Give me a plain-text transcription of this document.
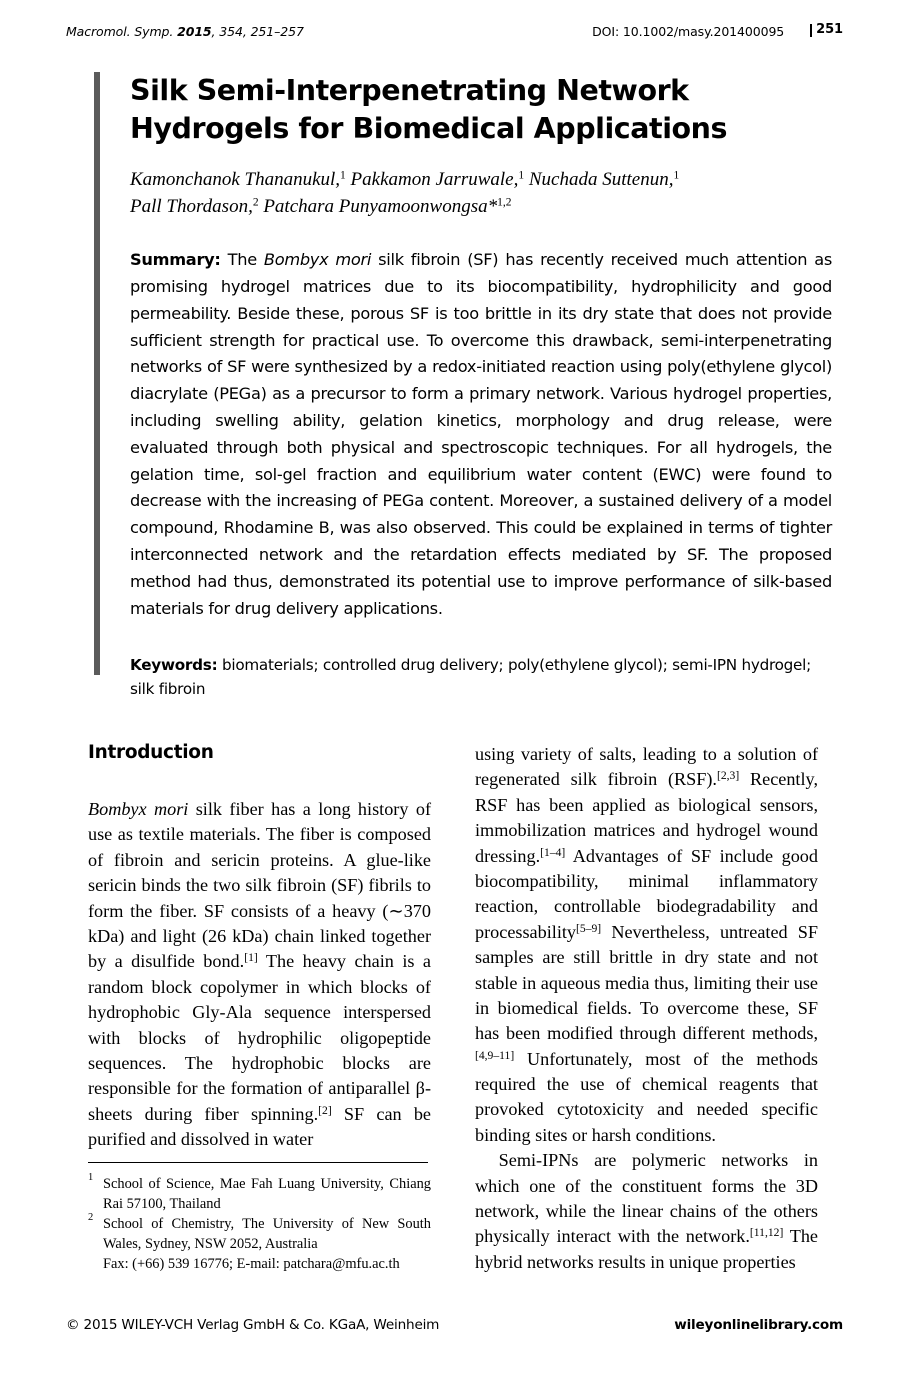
Macromol. Symp. 2015, 354, 251–257	DOI: 10.1002/masy.201400095 251
Silk Semi-Interpenetrating Network Hydrogels for Biomedical Applications
Kamonchanok Thananukul,$^1$ Pakkamon Jarruwale,$^1$ Nuchada Suttenun,$^1$
Pall Thordason,$^2$ Patchara Punyamoonwongsa*$^{1,2}$
Summary: The Bombyx mori silk fibroin (SF) has recently received much attention as promising hydrogel matrices due to its biocompatibility, hydrophilicity and good permeability. Beside these, porous SF is too brittle in its dry state that does not provide sufficient strength for practical use. To overcome this drawback, semi-interpenetrating networks of SF were synthesized by a redox-initiated reaction using poly(ethylene glycol) diacrylate (PEGa) as a precursor to form a primary network. Various hydrogel properties, including swelling ability, gelation kinetics, morphology and drug release, were evaluated through both physical and spectroscopic techniques. For all hydrogels, the gelation time, sol-gel fraction and equilibrium water content (EWC) were found to decrease with the increasing of PEGa content. Moreover, a sustained delivery of a model compound, Rhodamine B, was also observed. This could be explained in terms of tighter interconnected network and the retardation effects mediated by SF. The proposed method had thus, demonstrated its potential use to improve performance of silk-based materials for drug delivery applications.
Keywords: biomaterials; controlled drug delivery; poly(ethylene glycol); semi-IPN hydrogel; silk fibroin
Introduction

Bombyx mori silk fiber has a long history of use as textile materials. The fiber is composed of fibroin and sericin proteins. A glue-like sericin binds the two silk fibroin (SF) fibrils to form the fiber. SF consists of a heavy (∼370 kDa) and light (26 kDa) chain linked together by a disulfide bond.[1] The heavy chain is a random block copolymer in which blocks of hydrophobic Gly-Ala sequence interspersed with blocks of hydrophilic oligopeptide sequences. The hydrophobic blocks are responsible for the formation of antiparallel β-sheets during fiber spinning.[2] SF can be purified and dissolved in water

using variety of salts, leading to a solution of regenerated silk fibroin (RSF).[2,3] Recently, RSF has been applied as biological sensors, immobilization matrices and hydrogel wound dressing.[1–4] Advantages of SF include good biocompatibility, minimal inflammatory reaction, controllable biodegradability and processability[5–9] Nevertheless, untreated SF samples are still brittle in dry state and not stable in aqueous media thus, limiting their use in biomedical fields. To overcome these, SF has been modified through different methods,[4,9–11] Unfortunately, most of the methods required the use of chemical reagents that provoked cytotoxicity and needed specific binding sites or harsh conditions.

Semi-IPNs are polymeric networks in which one of the constituent forms the 3D network, while the linear chains of the others physically interact with the network.[11,12] The hybrid networks results in unique properties

1 School of Science, Mae Fah Luang University, Chiang Rai 57100, Thailand
2 School of Chemistry, The University of New South Wales, Sydney, NSW 2052, Australia
Fax: (+66) 539 16776; E-mail: patchara@mfu.ac.th
© 2015 WILEY-VCH Verlag GmbH & Co. KGaA, Weinheim	wileyonlinelibrary.com
